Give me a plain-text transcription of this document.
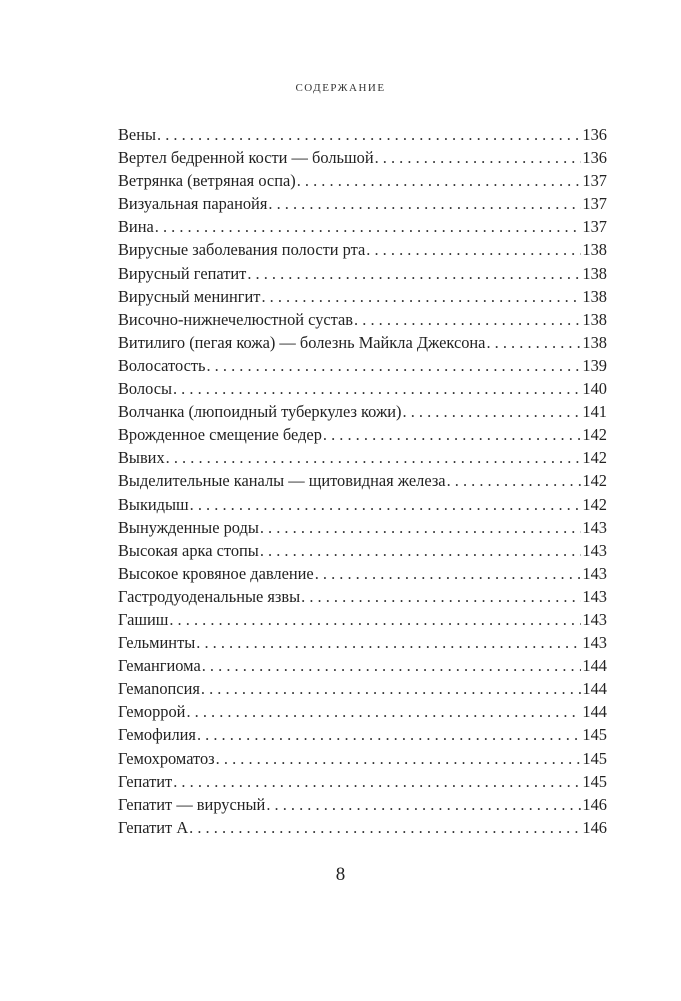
СОДЕРЖАНИЕ
Вены . . .	136
Вертел бедренной кости — большой . . .	136
Ветрянка (ветряная оспа) . . .	137
Визуальная паранойя . . .	137
Вина . . .	137
Вирусные заболевания полости рта . . .	138
Вирусный гепатит . . .	138
Вирусный менингит . . .	138
Височно-нижнечелюстной сустав . . .	138
Витилиго (пегая кожа) — болезнь Майкла Джексона . . .	138
Волосатость . . .	139
Волосы . . .	140
Волчанка (люпоидный туберкулез кожи) . . .	141
Врожденное смещение бедер . . .	142
Вывих . . .	142
Выделительные каналы — щитовидная железа . . .	142
Выкидыш . . .	142
Вынужденные роды . . .	143
Высокая арка стопы . . .	143
Высокое кровяное давление . . .	143
Гастродуоденальные язвы . . .	143
Гашиш . . .	143
Гельминты . . .	143
Гемангиома . . .	144
Гемanoпсия . . .	144
Геморрой . . .	144
Гемофилия . . .	145
Гемохроматоз . . .	145
Гепатит . . .	145
Гепатит — вирусный . . .	146
Гепатит А . . .	146
8
